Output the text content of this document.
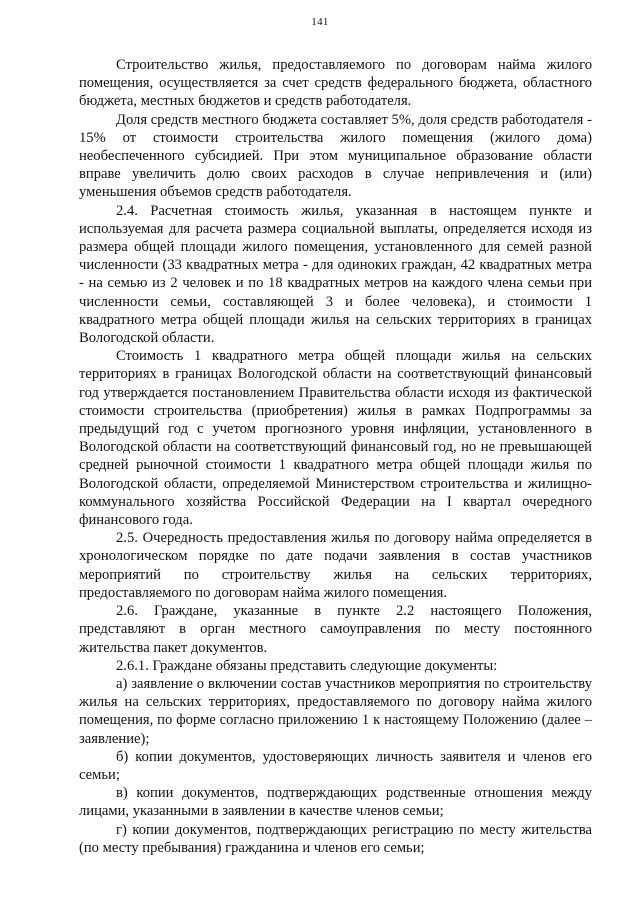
141

Строительство жилья, предоставляемого по договорам найма жилого помещения, осуществляется за счет средств федерального бюджета, областного бюджета, местных бюджетов и средств работодателя.

Доля средств местного бюджета составляет 5%, доля средств работодателя - 15% от стоимости строительства жилого помещения (жилого дома) необеспеченного субсидией. При этом муниципальное образование области вправе увеличить долю своих расходов в случае непривлечения и (или) уменьшения объемов средств работодателя.

2.4. Расчетная стоимость жилья, указанная в настоящем пункте и используемая для расчета размера социальной выплаты, определяется исходя из размера общей площади жилого помещения, установленного для семей разной численности (33 квадратных метра - для одиноких граждан, 42 квадратных метра - на семью из 2 человек и по 18 квадратных метров на каждого члена семьи при численности семьи, составляющей 3 и более человека), и стоимости 1 квадратного метра общей площади жилья на сельских территориях в границах Вологодской области.

Стоимость 1 квадратного метра общей площади жилья на сельских территориях в границах Вологодской области на соответствующий финансовый год утверждается постановлением Правительства области исходя из фактической стоимости строительства (приобретения) жилья в рамках Подпрограммы за предыдущий год с учетом прогнозного уровня инфляции, установленного в Вологодской области на соответствующий финансовый год, но не превышающей средней рыночной стоимости 1 квадратного метра общей площади жилья по Вологодской области, определяемой Министерством строительства и жилищно-коммунального хозяйства Российской Федерации на I квартал очередного финансового года.

2.5. Очередность предоставления жилья по договору найма определяется в хронологическом порядке по дате подачи заявления в состав участников мероприятий по строительству жилья на сельских территориях, предоставляемого по договорам найма жилого помещения.

2.6. Граждане, указанные в пункте 2.2 настоящего Положения, представляют в орган местного самоуправления по месту постоянного жительства пакет документов.

2.6.1. Граждане обязаны представить следующие документы:

а) заявление о включении состав участников мероприятия по строительству жилья на сельских территориях, предоставляемого по договору найма жилого помещения, по форме согласно приложению 1 к настоящему Положению (далее – заявление);

б) копии документов, удостоверяющих личность заявителя и членов его семьи;

в) копии документов, подтверждающих родственные отношения между лицами, указанными в заявлении в качестве членов семьи;

г) копии документов, подтверждающих регистрацию по месту жительства (по месту пребывания) гражданина и членов его семьи;
